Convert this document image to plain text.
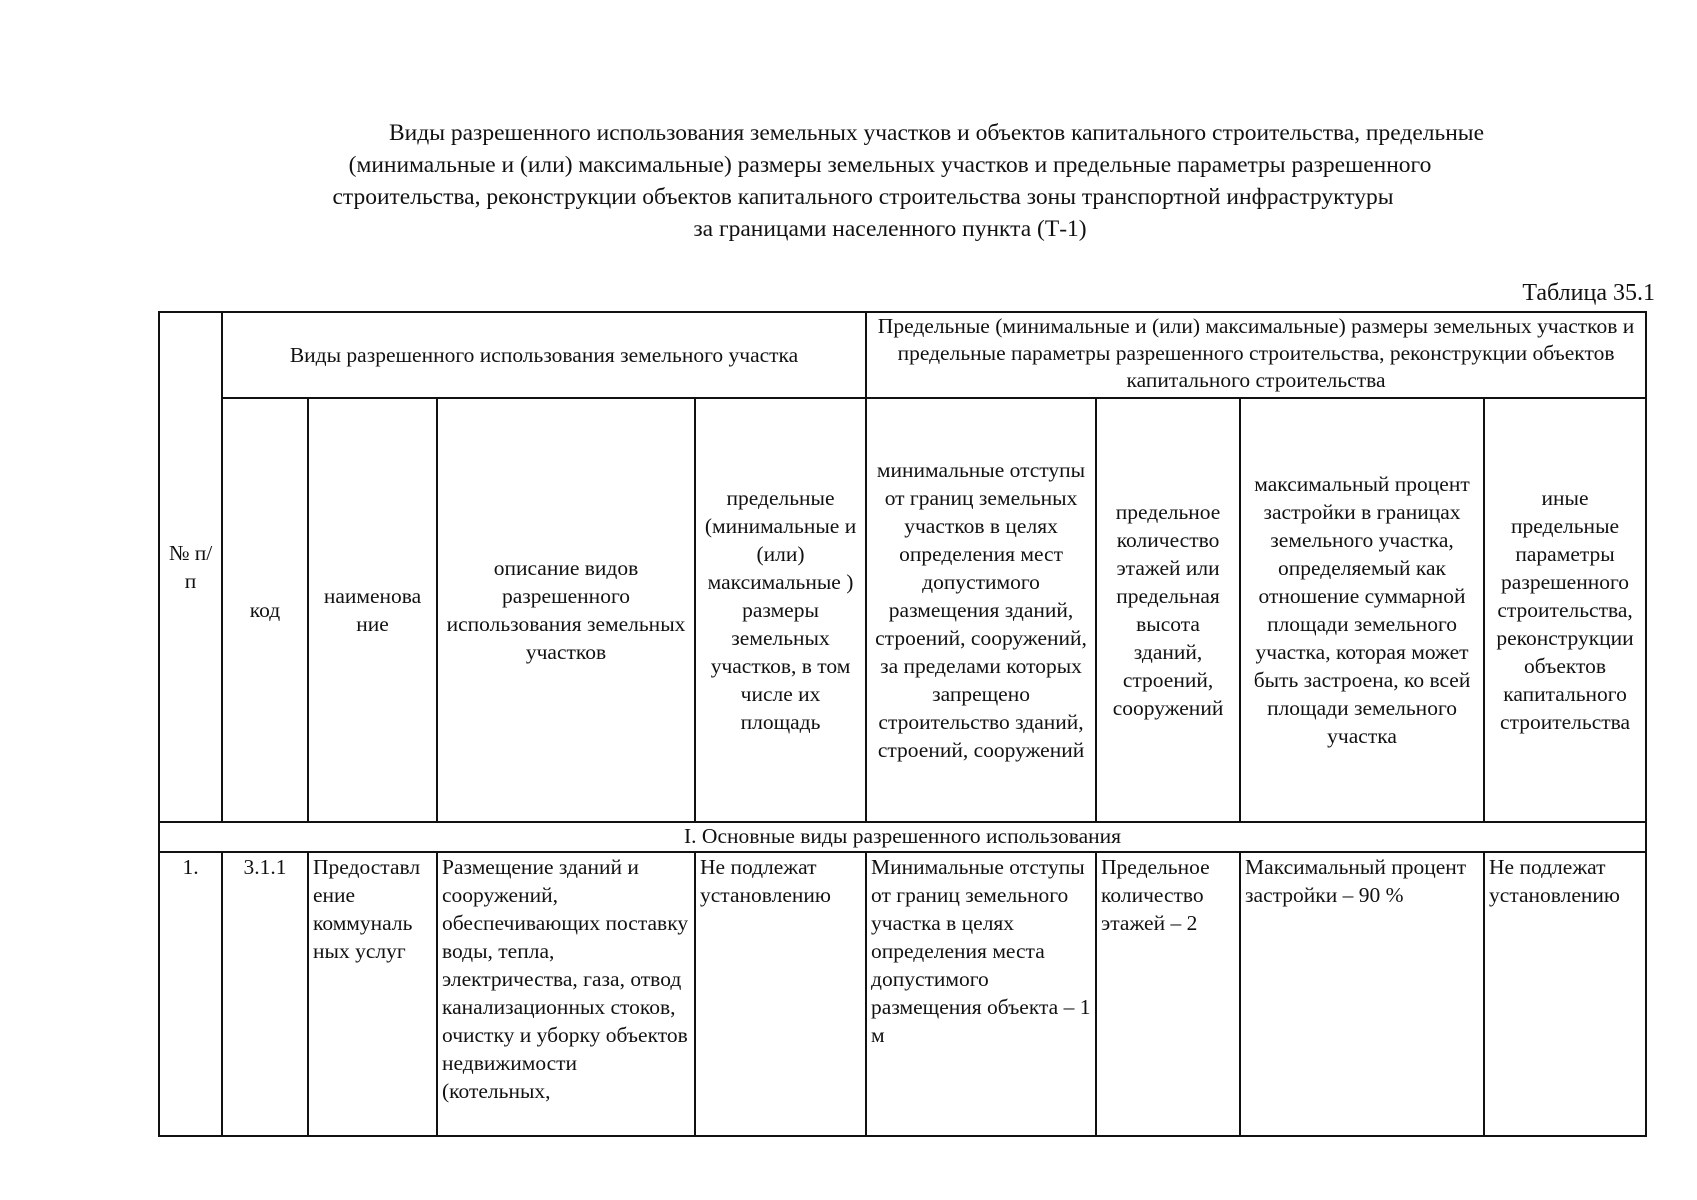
Виды разрешенного использования земельных участков и объектов капитального строительства, предельные
(минимальные и (или) максимальные) размеры земельных участков и предельные параметры разрешенного
строительства, реконструкции объектов капитального строительства зоны транспортной инфраструктуры
за границами населенного пункта (Т-1)
Таблица 35.1
№ п/п	Виды разрешенного использования земельного участка				Предельные (минимальные и (или) максимальные) размеры земельных участков и предельные параметры разрешенного строительства, реконструкции объектов капитального строительства			
	код	наименова ние	описание видов разрешенного использования земельных участков	предельные (минимальные и (или) максимальные ) размеры земельных участков, в том числе их площадь	минимальные отступы от границ земельных участков в целях определения мест допустимого размещения зданий, строений, сооружений, за пределами которых запрещено строительство зданий, строений, сооружений	предельное количество этажей или предельная высота зданий, строений, сооружений	максимальный процент застройки в границах земельного участка, определяемый как отношение суммарной площади земельного участка, которая может быть застроена, ко всей площади земельного участка	иные предельные параметры разрешенного строительства, реконструкции объектов капитального строительства
I. Основные виды разрешенного использования								
1.	3.1.1	Предоставл ение коммуналь ных услуг	Размещение зданий и сооружений, обеспечивающих поставку воды, тепла, электричества, газа, отвод канализационных стоков, очистку и уборку объектов недвижимости (котельных,	Не подлежат установлению	Минимальные отступы от границ земельного участка в целях определения места допустимого размещения объекта – 1 м	Предельное количество этажей – 2	Максимальный процент застройки – 90 %	Не подлежат установлению
